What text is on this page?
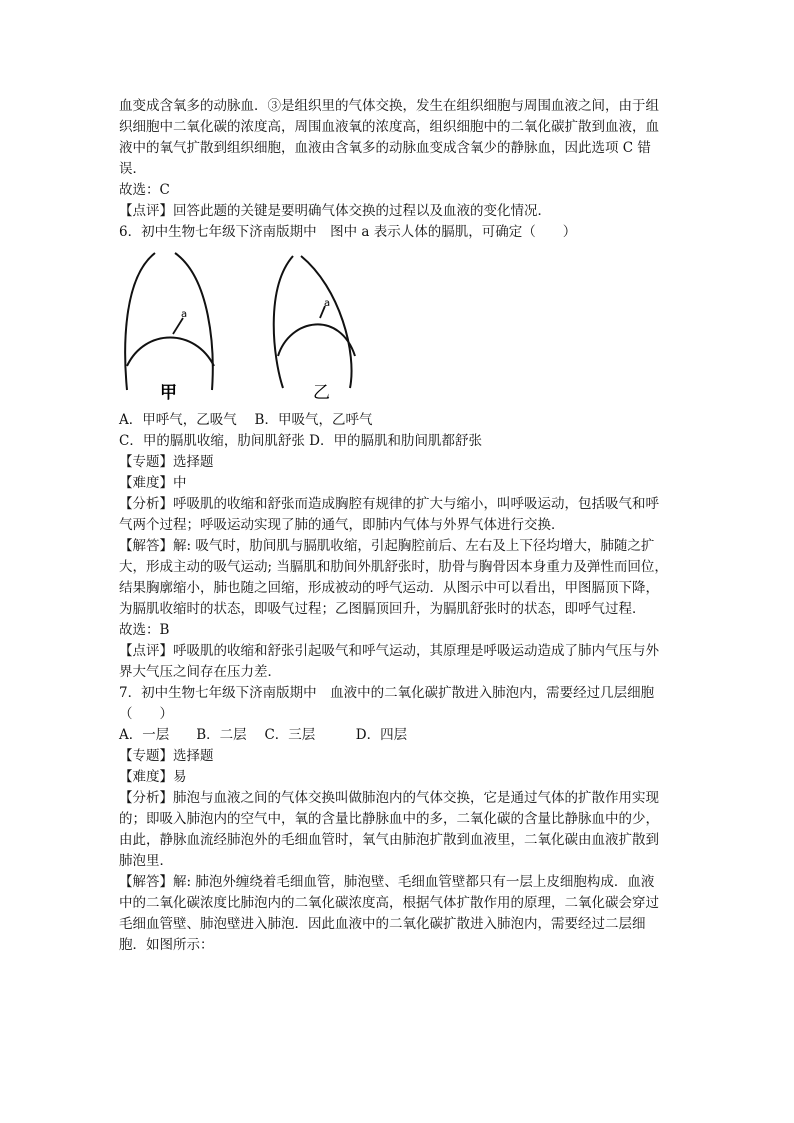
血变成含氧多的动脉血．③是组织里的气体交换，发生在组织细胞与周围血液之间，由于组
织细胞中二氧化碳的浓度高，周围血液氧的浓度高，组织细胞中的二氧化碳扩散到血液，血
液中的氧气扩散到组织细胞，血液由含氧多的动脉血变成含氧少的静脉血，因此选项 C 错
误．
故选：C
【点评】回答此题的关键是要明确气体交换的过程以及血液的变化情况．
6．初中生物七年级下济南版期中　图中 a 表示人体的膈肌，可确定（　　）
a
甲
a
乙
A．甲呼气，乙吸气　 B．甲吸气，乙呼气
C．甲的膈肌收缩，肋间肌舒张 D．甲的膈肌和肋间肌都舒张
【专题】选择题
【难度】中
【分析】呼吸肌的收缩和舒张而造成胸腔有规律的扩大与缩小，叫呼吸运动，包括吸气和呼
气两个过程；呼吸运动实现了肺的通气，即肺内气体与外界气体进行交换．
【解答】解: 吸气时，肋间肌与膈肌收缩，引起胸腔前后、左右及上下径均增大，肺随之扩
大，形成主动的吸气运动; 当膈肌和肋间外肌舒张时，肋骨与胸骨因本身重力及弹性而回位，
结果胸廓缩小，肺也随之回缩，形成被动的呼气运动．从图示中可以看出，甲图膈顶下降，
为膈肌收缩时的状态，即吸气过程；乙图膈顶回升，为膈肌舒张时的状态，即呼气过程．
故选：B
【点评】呼吸肌的收缩和舒张引起吸气和呼气运动，其原理是呼吸运动造成了肺内气压与外
界大气压之间存在压力差．
7．初中生物七年级下济南版期中　血液中的二氧化碳扩散进入肺泡内，需要经过几层细胞
（　　）
A．一层　　B．二层　 C．三层　　　D．四层
【专题】选择题
【难度】易
【分析】肺泡与血液之间的气体交换叫做肺泡内的气体交换，它是通过气体的扩散作用实现
的；即吸入肺泡内的空气中，氧的含量比静脉血中的多，二氧化碳的含量比静脉血中的少，
由此，静脉血流经肺泡外的毛细血管时，氧气由肺泡扩散到血液里，二氧化碳由血液扩散到
肺泡里．
【解答】解: 肺泡外缠绕着毛细血管，肺泡壁、毛细血管壁都只有一层上皮细胞构成．血液
中的二氧化碳浓度比肺泡内的二氧化碳浓度高，根据气体扩散作用的原理，二氧化碳会穿过
毛细血管壁、肺泡壁进入肺泡．因此血液中的二氧化碳扩散进入肺泡内，需要经过二层细
胞．如图所示：
